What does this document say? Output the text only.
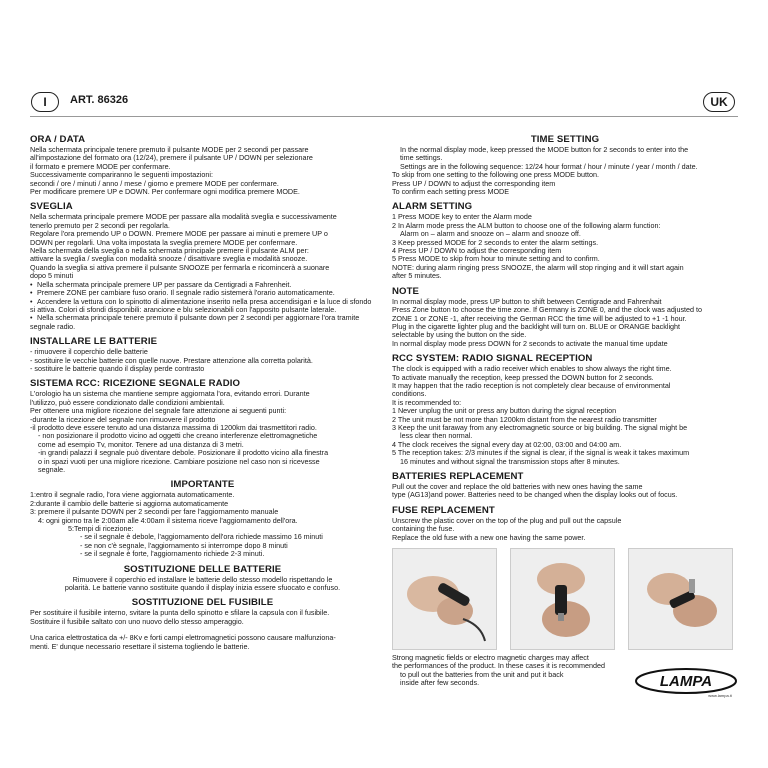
I	ART. 86326	UK
ORA / DATA

Nella schermata principale tenere premuto il pulsante MODE per 2 secondi per passare

all'impostazione del formato ora (12/24), premere il pulsante UP / DOWN per selezionare

il formato e premere MODE per confermare.

Successivamente compariranno le seguenti impostazioni:

secondi / ore / minuti / anno / mese / giorno e premere MODE per confermare.

Per modificare premere UP e DOWN. Per confermare ogni modifica premere MODE.

SVEGLIA

Nella schermata principale premere MODE per passare alla modalità sveglia e successivamente

tenerlo premuto per 2 secondi per regolarla.

Regolare l'ora premendo UP o DOWN. Premere MODE per passare ai minuti e premere UP o

DOWN per regolarli. Una volta impostata la sveglia premere MODE per confermare.

Nella schermata della sveglia o nella schermata principale premere il pulsante ALM per:

attivare la sveglia / sveglia con modalità snooze / disattivare sveglia e modalità snooze.

Quando la sveglia si attiva premere il pulsante SNOOZE per fermarla e ricomincerà a suonare

dopo 5 minuti

• Nella schermata principale premere UP per passare da Centigradi a Fahrenheit.

• Premere ZONE per cambiare fuso orario. Il segnale radio sistemerà l'orario automaticamente.

• Accendere la vettura con lo spinotto di alimentazione inserito nella presa accendisigari e la luce di sfondo si attiva. Colori di sfondi disponibili: arancione e blu selezionabili con l'apposito pulsante laterale.

• Nella schermata principale tenere premuto il pulsante down per 2 secondi per aggiornare l'ora tramite segnale radio.

INSTALLARE LE BATTERIE

- rimuovere il coperchio delle batterie

- sostituire le vecchie batterie con quelle nuove. Prestare attenzione alla corretta polarità.

- sostituire le batterie quando il display perde contrasto

SISTEMA RCC: RICEZIONE SEGNALE RADIO

L'orologio ha un sistema che mantiene sempre aggiornata l'ora, evitando errori. Durante

l'utilizzo, può essere condizionato dalle condizioni ambientali.

Per ottenere una migliore ricezione del segnale fare attenzione ai seguenti punti:

-durante la ricezione del segnale non rimuovere il prodotto

-il prodotto deve essere tenuto ad una distanza massima di 1200km dai trasmettitori radio.

- non posizionare il prodotto vicino ad oggetti che creano interferenze elettromagnetiche

come ad esempio Tv, monitor. Tenere ad una distanza di 3 metri.

-in grandi palazzi il segnale può diventare debole. Posizionare il prodotto vicino alla finestra

o in spazi vuoti per una migliore ricezione. Cambiare posizione nel caso non si ricevesse

segnale.

IMPORTANTE

1:entro il segnale radio, l'ora viene aggiornata automaticamente.

2:durante il cambio delle batterie si aggiorna automaticamente

3: premere il pulsante DOWN per 2 secondi per fare l'aggiornamento manuale

4: ogni giorno tra le 2:00am alle 4:00am il sistema riceve l'aggiornamento dell'ora.

5:Tempi di ricezione:

- se il segnale è debole, l'aggiornamento dell'ora richiede massimo 16 minuti

- se non c'è segnale, l'aggiornamento si interrompe dopo 8 minuti

- se il segnale è forte, l'aggiornamento richiede 2-3 minuti.

SOSTITUZIONE DELLE BATTERIE

Rimuovere il coperchio ed installare le batterie dello stesso modello rispettando le

polarità. Le batterie vanno sostituite quando il display inizia essere sfuocato e confuso.

SOSTITUZIONE DEL FUSIBILE

Per sostituire il fusibile interno, svitare la punta dello spinotto e sfilare la capsula con il fusibile.

Sostituire il fusibile saltato con uno nuovo dello stesso amperaggio.

Una carica elettrostatica da +/- 8Kv e forti campi elettromagnetici possono causare malfunziona-

menti. E' dunque necessario resettare il sistema togliendo le batterie.

TIME SETTING

In the normal display mode, keep pressed the MODE button for 2 seconds to enter into the

time settings.

Settings are in the following sequence: 12/24 hour format / hour / minute / year / month / date.

To skip from one setting to the following one press MODE button.

Press UP / DOWN to adjust the corresponding item

To confirm each setting press MODE

ALARM SETTING

1 Press MODE key to enter the Alarm mode

2 In Alarm mode press the ALM button to choose one of the following alarm function:

Alarm on – alarm and snooze on – alarm and snooze off.

3 Keep pressed MODE for 2 seconds to enter the alarm settings.

4 Press UP / DOWN to adjust the corresponding item

5 Press MODE to skip from hour to minute setting and to confirm.

NOTE: during alarm ringing press SNOOZE, the alarm will stop ringing and it will start again

after 5 minutes.

NOTE

In normal display mode, press UP button to shift between Centigrade and Fahrenhait

Press Zone button to choose the time zone. If Germany is ZONE 0, and the clock was adjusted to

ZONE 1 or ZONE -1, after receiving the German RCC the time will be adjusted to +1 -1 hour.

Plug in the cigarette lighter plug and the backlight will turn on. BLUE or ORANGE backlight

selectable by using the button on the side.

In normal display mode press DOWN for 2 seconds to activate the manual time update

RCC SYSTEM: RADIO SIGNAL RECEPTION

The clock is equipped with a radio receiver which enables to show always the right time.

To activate manually the reception, keep pressed the DOWN button for 2 seconds.

It may happen that the radio reception is not completely clear because of environmental

conditions.

It is recommended to:

1 Never unplug the unit or press any button during the signal reception

2 The unit must be not more than 1200km distant from the nearest radio transmitter

3 Keep the unit faraway from any electromagnetic source or big building. The signal might be

less clear then normal.

4 The clock receives the signal every day at 02:00, 03:00 and 04:00 am.

5 The reception takes: 2/3 minutes if the signal is clear, if the signal is weak it takes maximum

16 minutes and without signal the transmission stops after 8 minutes.

BATTERIES REPLACEMENT

Pull out the cover and replace the old batteries with new ones having the same

type (AG13)and power. Batteries need to be changed when the display looks out of focus.

FUSE REPLACEMENT

Unscrew the plastic cover on the top of the plug and pull out the capsule

containing the fuse.

Replace the old fuse with a new one having the same power.

Strong magnetic fields or electro magnetic charges may affect

the performances of the product. In these cases it is recommended

to pull out the batteries from the unit and put it back

inside after few seconds.	LAMPA
www.lampa.it
